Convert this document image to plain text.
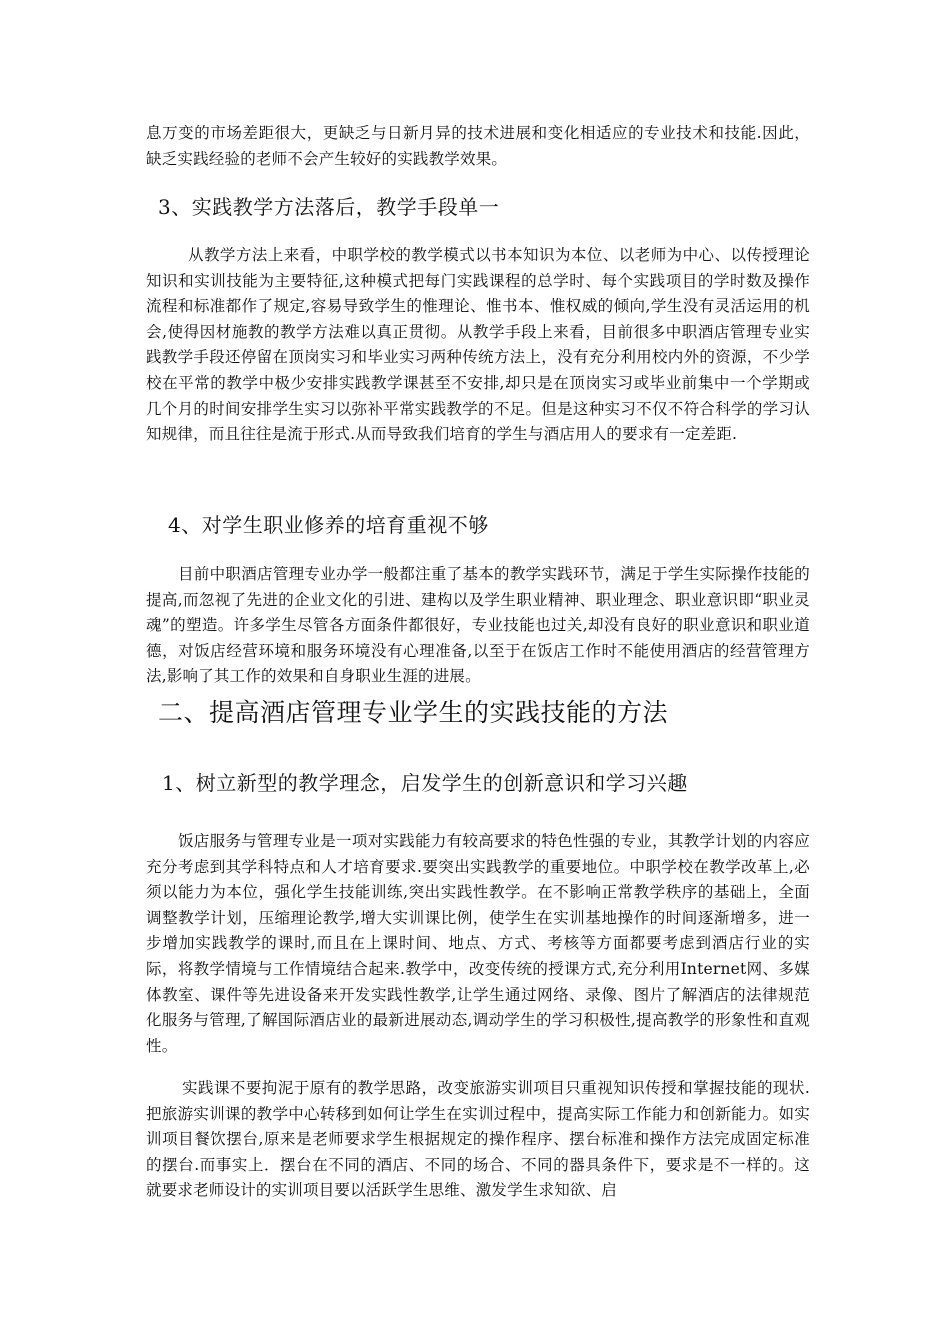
息万变的市场差距很大，更缺乏与日新月异的技术进展和变化相适应的专业技术和技能.因此，缺乏实践经验的老师不会产生较好的实践教学效果。

3、实践教学方法落后，教学手段单一

从教学方法上来看，中职学校的教学模式以书本知识为本位、以老师为中心、以传授理论知识和实训技能为主要特征,这种模式把每门实践课程的总学时、每个实践项目的学时数及操作流程和标准都作了规定,容易导致学生的惟理论、惟书本、惟权威的倾向,学生没有灵活运用的机会,使得因材施教的教学方法难以真正贯彻。从教学手段上来看，目前很多中职酒店管理专业实践教学手段还停留在顶岗实习和毕业实习两种传统方法上，没有充分利用校内外的资源，不少学校在平常的教学中极少安排实践教学课甚至不安排,却只是在顶岗实习或毕业前集中一个学期或几个月的时间安排学生实习以弥补平常实践教学的不足。但是这种实习不仅不符合科学的学习认知规律，而且往往是流于形式.从而导致我们培育的学生与酒店用人的要求有一定差距.

4、对学生职业修养的培育重视不够

目前中职酒店管理专业办学一般都注重了基本的教学实践环节，满足于学生实际操作技能的提高,而忽视了先进的企业文化的引进、建构以及学生职业精神、职业理念、职业意识即“职业灵魂”的塑造。许多学生尽管各方面条件都很好，专业技能也过关,却没有良好的职业意识和职业道德，对饭店经营环境和服务环境没有心理准备,以至于在饭店工作时不能使用酒店的经营管理方法,影响了其工作的效果和自身职业生涯的进展。

二、提高酒店管理专业学生的实践技能的方法
1、树立新型的教学理念，启发学生的创新意识和学习兴趣

饭店服务与管理专业是一项对实践能力有较高要求的特色性强的专业，其教学计划的内容应充分考虑到其学科特点和人才培育要求.要突出实践教学的重要地位。中职学校在教学改革上,必须以能力为本位，强化学生技能训练,突出实践性教学。在不影响正常教学秩序的基础上，全面调整教学计划，压缩理论教学,增大实训课比例，使学生在实训基地操作的时间逐渐增多，进一步增加实践教学的课时,而且在上课时间、地点、方式、考核等方面都要考虑到酒店行业的实际，将教学情境与工作情境结合起来.教学中，改变传统的授课方式,充分利用Internet网、多媒体教室、课件等先进设备来开发实践性教学,让学生通过网络、录像、图片了解酒店的法律规范化服务与管理,了解国际酒店业的最新进展动态,调动学生的学习积极性,提高教学的形象性和直观性。

实践课不要拘泥于原有的教学思路，改变旅游实训项目只重视知识传授和掌握技能的现状.把旅游实训课的教学中心转移到如何让学生在实训过程中，提高实际工作能力和创新能力。如实训项目餐饮摆台,原来是老师要求学生根据规定的操作程序、摆台标准和操作方法完成固定标准的摆台.而事实上．摆台在不同的酒店、不同的场合、不同的器具条件下，要求是不一样的。这就要求老师设计的实训项目要以活跃学生思维、激发学生求知欲、启
